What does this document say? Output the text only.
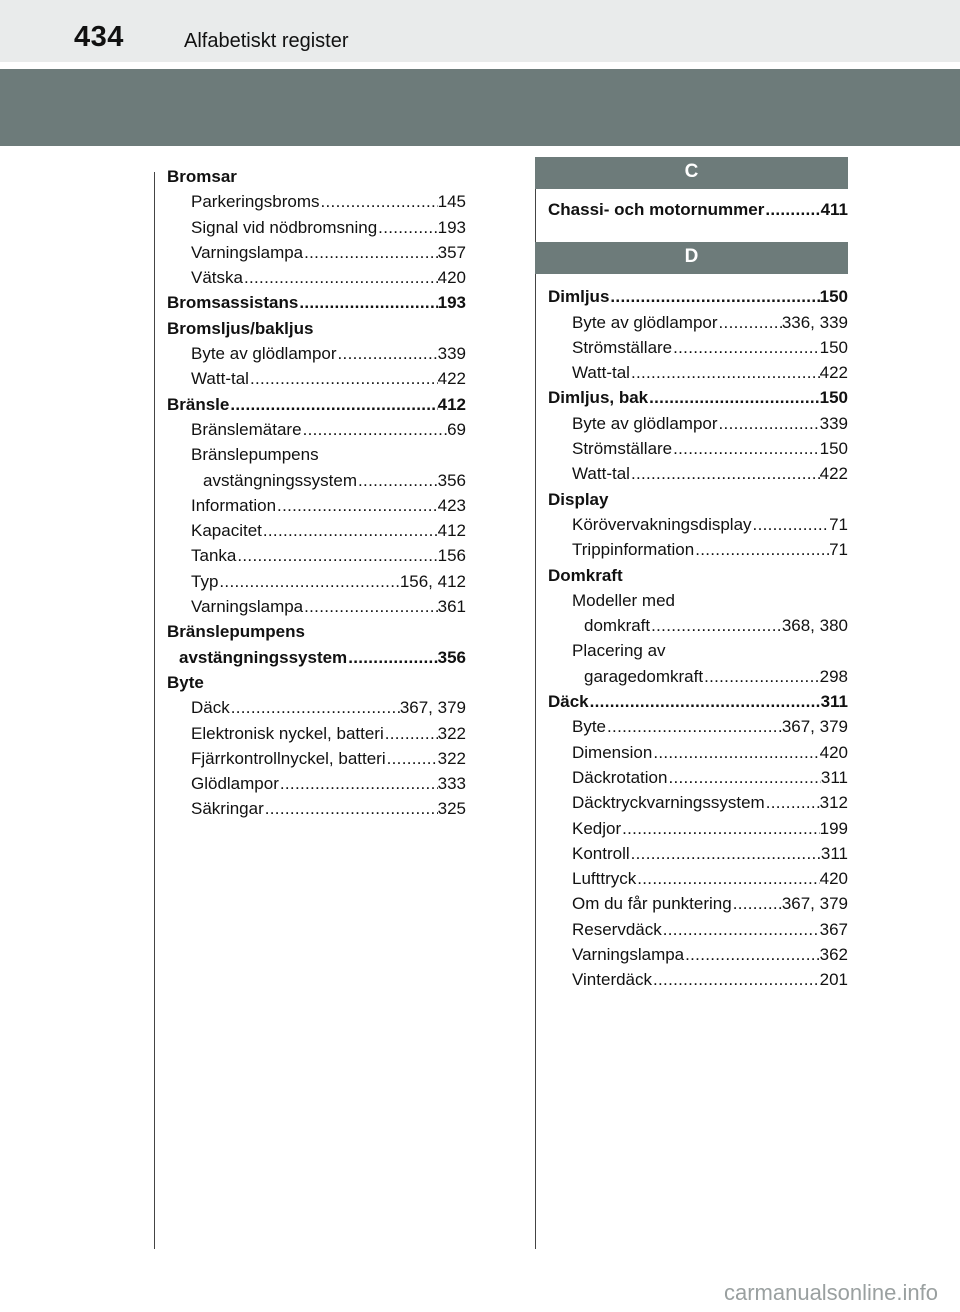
434	Alfabetiskt register
Bromsar
Parkeringsbroms .....	145
Signal vid nödbromsning .....	193
Varningslampa .....	357
Vätska .....	420
Bromsassistans .....	193
Bromsljus/bakljus
Byte av glödlampor .....	339
Watt-tal .....	422
Bränsle .....	412
Bränslemätare .....	69
Bränslepumpens
avstängningssystem .....	356
Information .....	423
Kapacitet .....	412
Tanka .....	156
Typ .....	156, 412
Varningslampa .....	361
Bränslepumpens
avstängningssystem .....	356
Byte
Däck .....	367, 379
Elektronisk nyckel, batteri .....	322
Fjärrkontrollnyckel, batteri .....	322
Glödlampor .....	333
Säkringar .....	325
C
Chassi- och motornummer .....	411
D
Dimljus .....	150
Byte av glödlampor .....	336, 339
Strömställare .....	150
Watt-tal .....	422
Dimljus, bak .....	150
Byte av glödlampor .....	339
Strömställare .....	150
Watt-tal .....	422
Display
Körövervakningsdisplay .....	71
Trippinformation .....	71
Domkraft
Modeller med
domkraft .....	368, 380
Placering av
garagedomkraft .....	298
Däck .....	311
Byte .....	367, 379
Dimension .....	420
Däckrotation .....	311
Däcktryckvarningssystem .....	312
Kedjor .....	199
Kontroll .....	311
Lufttryck .....	420
Om du får punktering .....	367, 379
Reservdäck .....	367
Varningslampa .....	362
Vinterdäck .....	201
carmanualsonline.info
